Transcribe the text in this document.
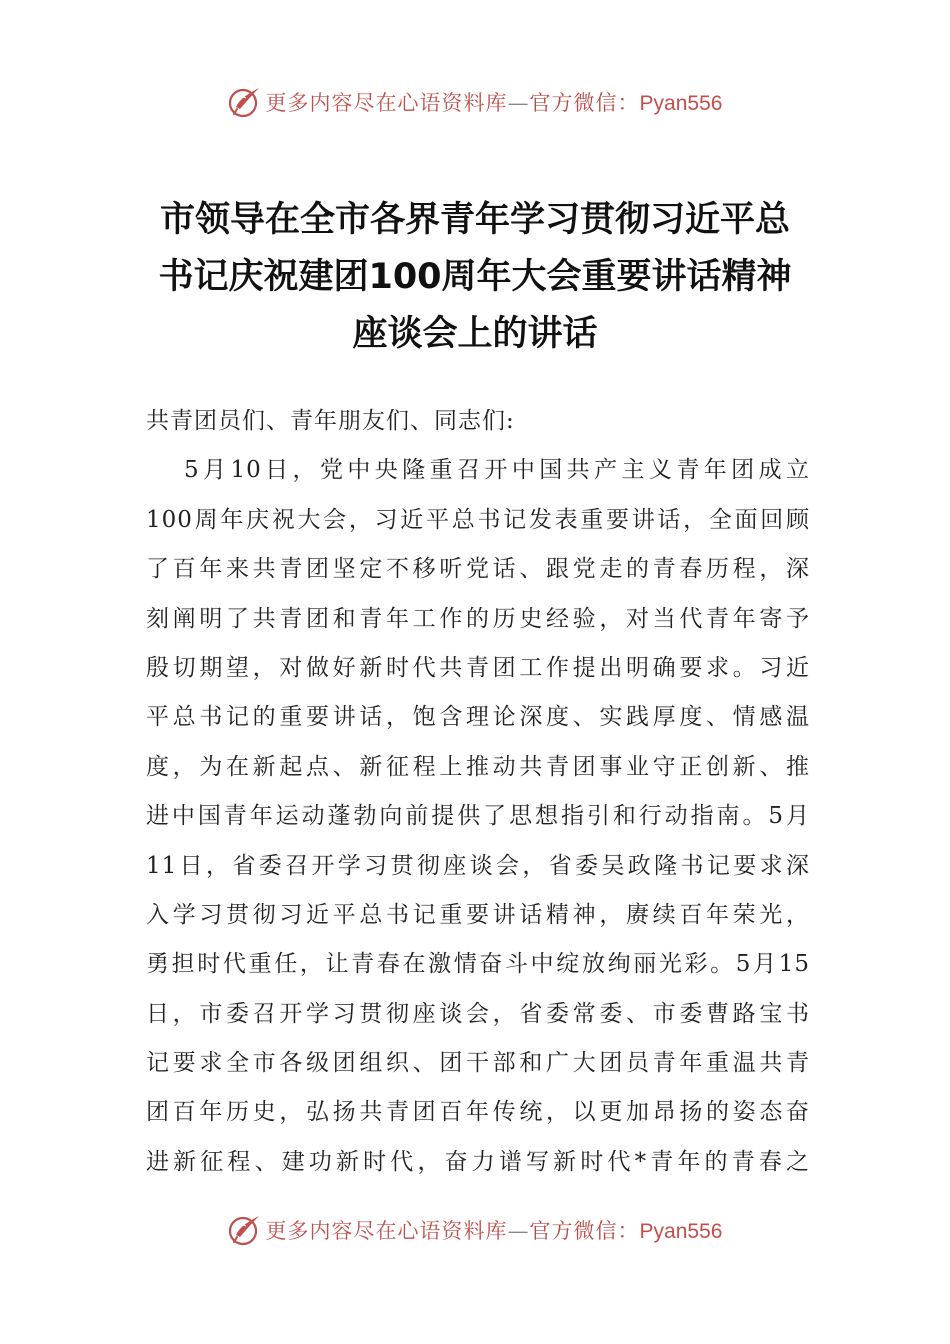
更多内容尽在心语资料库—官方微信：Pyan556
市领导在全市各界青年学习贯彻习近平总
书记庆祝建团100周年大会重要讲话精神
座谈会上的讲话
共青团员们、青年朋友们、同志们:
5月10日，党中央隆重召开中国共产主义青年团成立
100周年庆祝大会，习近平总书记发表重要讲话，全面回顾
了百年来共青团坚定不移听党话、跟党走的青春历程，深
刻阐明了共青团和青年工作的历史经验，对当代青年寄予
殷切期望，对做好新时代共青团工作提出明确要求。习近
平总书记的重要讲话，饱含理论深度、实践厚度、情感温
度，为在新起点、新征程上推动共青团事业守正创新、推
进中国青年运动蓬勃向前提供了思想指引和行动指南。5月
11日，省委召开学习贯彻座谈会，省委吴政隆书记要求深
入学习贯彻习近平总书记重要讲话精神，赓续百年荣光，
勇担时代重任，让青春在激情奋斗中绽放绚丽光彩。5月15
日，市委召开学习贯彻座谈会，省委常委、市委曹路宝书
记要求全市各级团组织、团干部和广大团员青年重温共青
团百年历史，弘扬共青团百年传统，以更加昂扬的姿态奋
进新征程、建功新时代，奋力谱写新时代*青年的青春之
更多内容尽在心语资料库—官方微信：Pyan556
